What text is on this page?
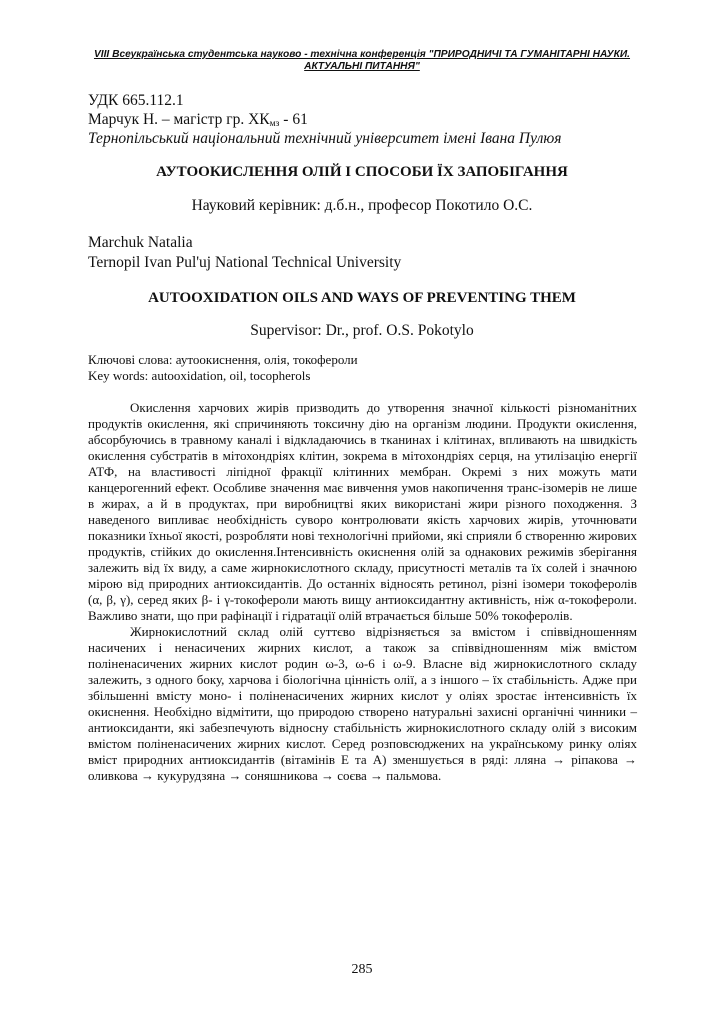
VIII Всеукраїнська студентська науково - технічна конференція "ПРИРОДНИЧІ ТА ГУМАНІТАРНІ НАУКИ.
АКТУАЛЬНІ ПИТАННЯ"
УДК 665.112.1
Марчук Н. – магістр гр. $ХК_{мз} - 61$
Тернопільський національний технічний університет імені Івана Пулюя
АУТООКИСЛЕННЯ ОЛІЙ І СПОСОБИ ЇХ ЗАПОБІГАННЯ
Науковий керівник: д.б.н., професор Покотило О.С.
Marchuk Natalia
Ternopil Ivan Pul'uj National Technical University
AUTOOXIDATION OILS AND WAYS OF PREVENTING THEM
Supervisor: Dr., prof. O.S. Pokotylo
Ключові слова: аутоокиснення, олія, токофероли
Key words: autooxidation, oil, tocopherols

Окислення харчових жирів призводить до утворення значної кількості різноманітних продуктів окислення, які спричиняють токсичну дію на організм людини. Продукти окислення, абсорбуючись в травному каналі і відкладаючись в тканинах і клітинах, впливають на швидкість окислення субстратів в мітохондріях клітин, зокрема в мітохондріях серця, на утилізацію енергії АТФ, на властивості ліпідної фракції клітинних мембран. Окремі з них можуть мати канцерогенний ефект. Особливе значення має вивчення умов накопичення транс-ізомерів не лише в жирах, а й в продуктах, при виробництві яких використані жири різного походження. З наведеного випливає необхідність суворо контролювати якість харчових жирів, уточнювати показники їхньої якості, розробляти нові технологічні прийоми, які сприяли б створенню жирових продуктів, стійких до окислення.Інтенсивність окиснення олій за однакових режимів зберігання залежить від їх виду, а саме жирнокислотного складу, присутності металів та їх солей і значною мірою від природних антиоксидантів. До останніх відносять ретинол, різні ізомери токоферолів (α, β, γ), серед яких β- і γ-токофероли мають вищу антиоксидантну активність, ніж α-токофероли. Важливо знати, що при рафінації і гідратації олій втрачається більше 50% токоферолів.

Жирнокислотний склад олій суттєво відрізняється за вмістом і співвідношенням насичених і ненасичених жирних кислот, а також за співвідношенням між вмістом поліненасичених жирних кислот родин ω-3, ω-6 і ω-9. Власне від жирнокислотного складу залежить, з одного боку, харчова і біологічна цінність олії, а з іншого – їх стабільність. Адже при збільшенні вмісту моно- і поліненасичених жирних кислот у оліях зростає інтенсивність їх окиснення. Необхідно відмітити, що природою створено натуральні захисні органічні чинники – антиоксиданти, які забезпечують відносну стабільність жирнокислотного складу олій з високим вмістом поліненасичених жирних кислот. Серед розповсюджених на українському ринку оліях вміст природних антиоксидантів (вітамінів Е та А) зменшується в ряді: лляна → ріпакова → оливкова → кукурудзяна → соняшникова → соєва → пальмова.

285
